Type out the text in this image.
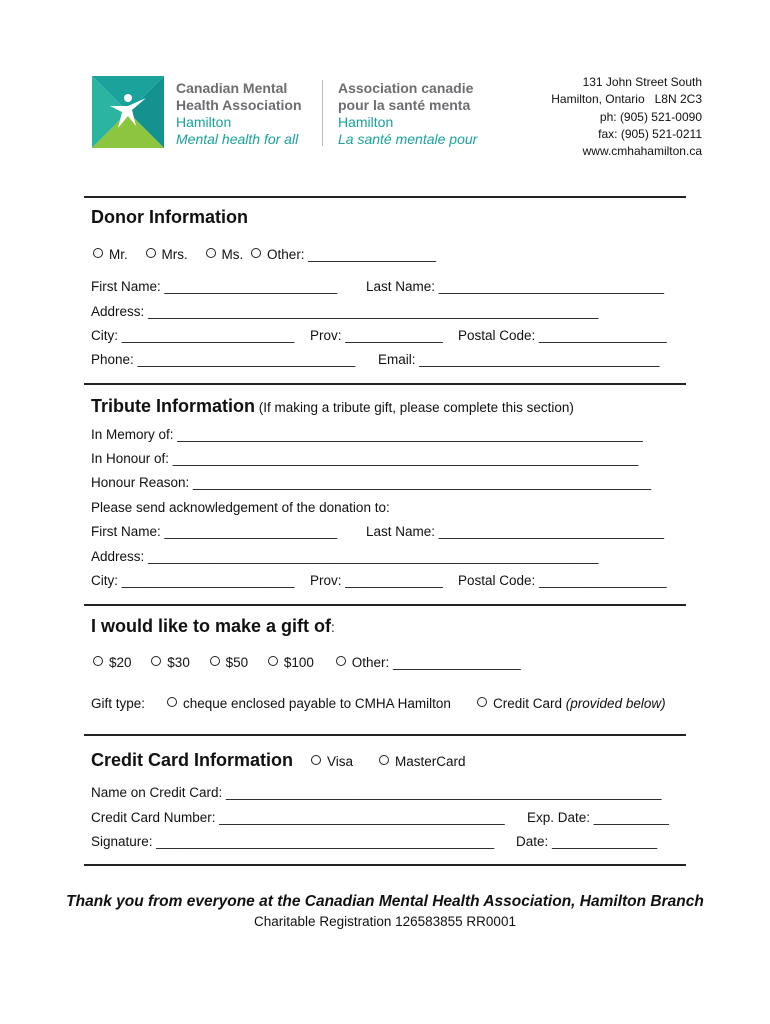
Canadian Mental
Health Association
Hamilton
Mental health for all
Association canadie
pour la santé menta
Hamilton
La santé mentale pour
131 John Street South
Hamilton, Ontario   L8N 2C3
ph: (905) 521-0090
fax: (905) 521-0211
www.cmhahamilton.ca
Donor Information
Mr.	Mrs.	Ms. Other: _________________
First Name: _______________________ Last Name: ______________________________
Address: ____________________________________________________________
City: _______________________ Prov: _____________ Postal Code: _________________
Phone: _____________________________ Email: ________________________________
Tribute Information (If making a tribute gift, please complete this section)
In Memory of: ______________________________________________________________
In Honour of: ______________________________________________________________
Honour Reason: _____________________________________________________________
Please send acknowledgement of the donation to:
First Name: _______________________ Last Name: ______________________________
Address: ____________________________________________________________
City: _______________________ Prov: _____________ Postal Code: _________________
I would like to make a gift of:
$20	$30	$50	$100	Other: _________________
Gift type:	cheque enclosed payable to CMHA Hamilton	Credit Card (provided below)
Credit Card Information	Visa	MasterCard
Name on Credit Card: __________________________________________________________
Credit Card Number: ______________________________________ Exp. Date: __________
Signature: _____________________________________________ Date: ______________
Thank you from everyone at the Canadian Mental Health Association, Hamilton Branch
Charitable Registration 126583855 RR0001
